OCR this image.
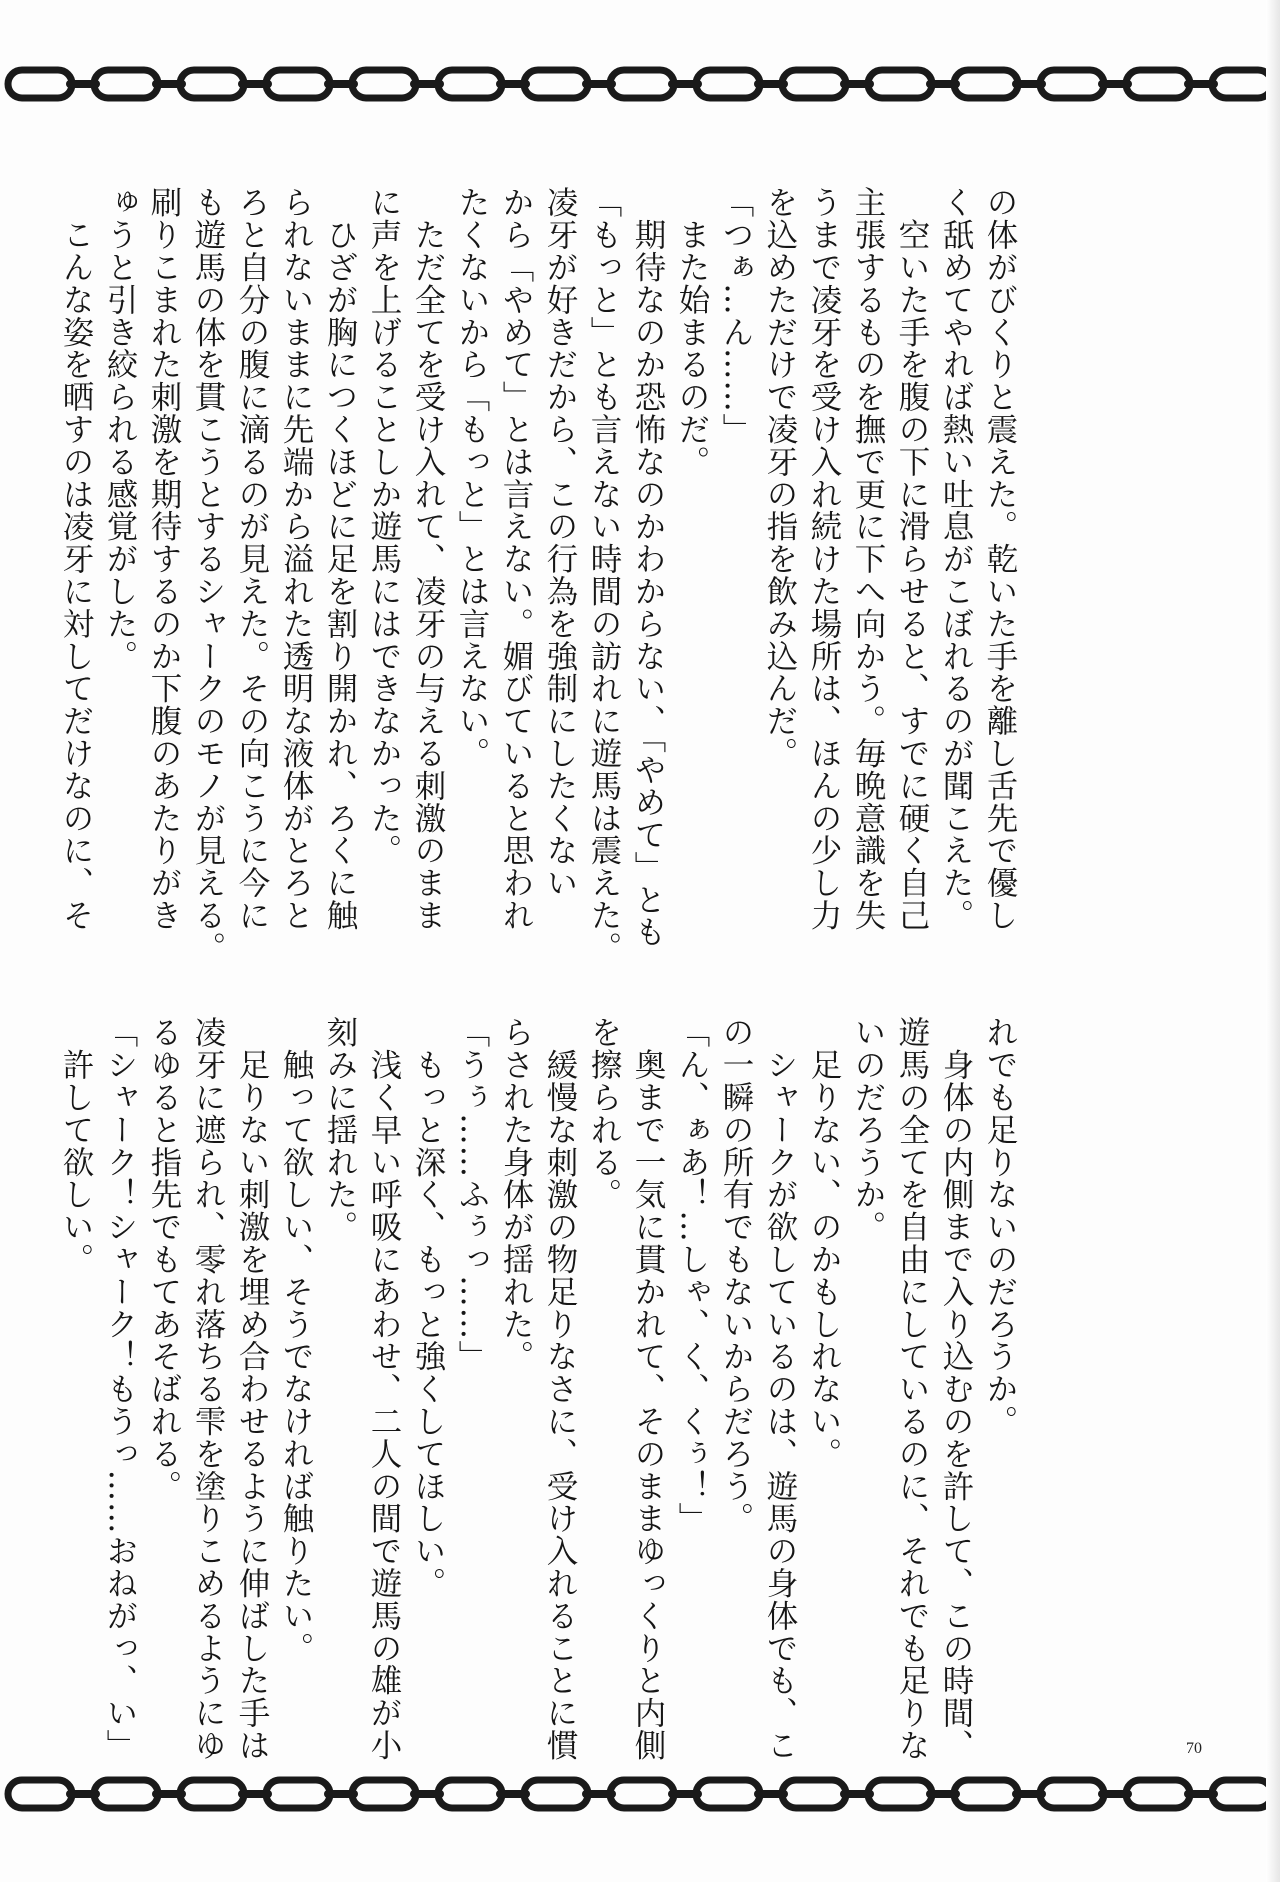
の体がびくりと震えた。乾いた手を離し舌先で優し

く舐めてやれば熱い吐息がこぼれるのが聞こえた。

　空いた手を腹の下に滑らせると、すでに硬く自己

主張するものを撫で更に下へ向かう。毎晩意識を失

うまで凌牙を受け入れ続けた場所は、ほんの少し力

を込めただけで凌牙の指を飲み込んだ。

「つぁ…ん……」

　また始まるのだ。

　期待なのか恐怖なのかわからない、「やめて」とも

「もっと」とも言えない時間の訪れに遊馬は震えた。

凌牙が好きだから、この行為を強制にしたくない

から「やめて」とは言えない。媚びていると思われ

たくないから「もっと」とは言えない。

　ただ全てを受け入れて、凌牙の与える刺激のまま

に声を上げることしか遊馬にはできなかった。

　ひざが胸につくほどに足を割り開かれ、ろくに触

られないままに先端から溢れた透明な液体がとろと

ろと自分の腹に滴るのが見えた。その向こうに今に

も遊馬の体を貫こうとするシャークのモノが見える。

刷りこまれた刺激を期待するのか下腹のあたりがき

ゅうと引き絞られる感覚がした。

　こんな姿を晒すのは凌牙に対してだけなのに、そ

れでも足りないのだろうか。

　身体の内側まで入り込むのを許して、この時間、

遊馬の全てを自由にしているのに、それでも足りな

いのだろうか。

　足りない、のかもしれない。

　シャークが欲しているのは、遊馬の身体でも、こ

の一瞬の所有でもないからだろう。

「ん、ぁあ！…しゃ、く、くぅ！」

　奥まで一気に貫かれて、そのままゆっくりと内側

を擦られる。

　緩慢な刺激の物足りなさに、受け入れることに慣

らされた身体が揺れた。

「うぅ……ふぅっ……」

　もっと深く、もっと強くしてほしい。

　浅く早い呼吸にあわせ、二人の間で遊馬の雄が小

刻みに揺れた。

　触って欲しい、そうでなければ触りたい。

　足りない刺激を埋め合わせるように伸ばした手は

凌牙に遮られ、零れ落ちる雫を塗りこめるようにゆ

るゆると指先でもてあそばれる。

「シャーク！シャーク！もうっ……おねがっ、い」

　許して欲しい。

70
